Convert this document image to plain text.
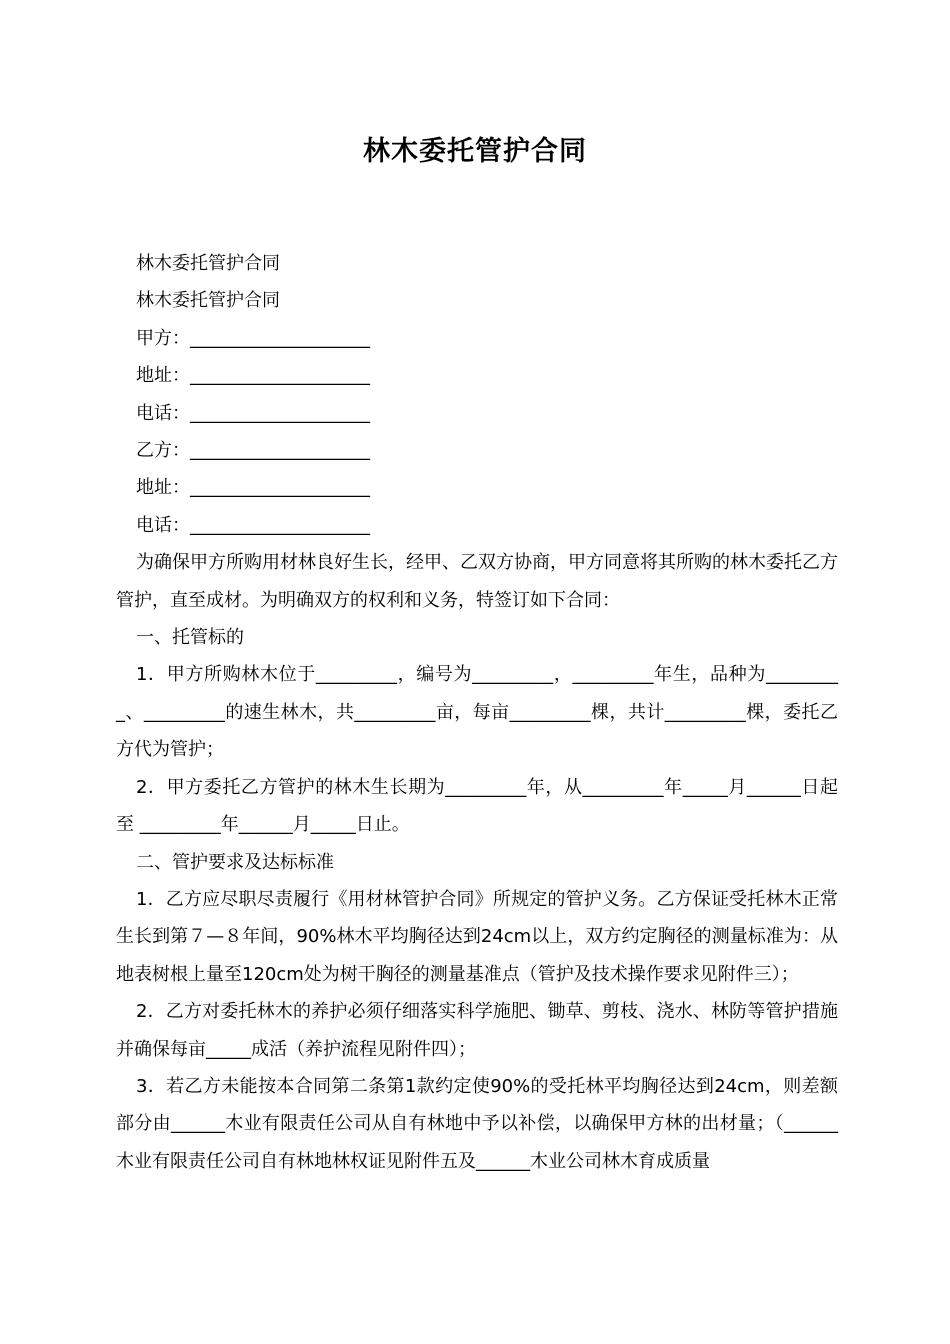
林木委托管护合同

林木委托管护合同

林木委托管护合同

甲方：____________________

地址：____________________

电话：____________________

乙方：____________________

地址：____________________

电话：____________________

为确保甲方所购用材林良好生长，经甲、乙双方协商，甲方同意将其所购的林木委托乙方管护，直至成材。为明确双方的权利和义务，特签订如下合同：

一、托管标的

1．甲方所购林木位于_________，编号为_________，_________年生，品种为_________、_________的速生林木，共_________亩，每亩_________棵，共计_________棵，委托乙方代为管护；

2．甲方委托乙方管护的林木生长期为_________年，从_________年_____月______日起至 _________年______月_____日止。

二、管护要求及达标标准

1．乙方应尽职尽责履行《用材林管护合同》所规定的管护义务。乙方保证受托林木正常生长到第７—８年间，90%林木平均胸径达到24cm以上，双方约定胸径的测量标准为：从地表树根上量至120cm处为树干胸径的测量基准点（管护及技术操作要求见附件三）；

2．乙方对委托林木的养护必须仔细落实科学施肥、锄草、剪枝、浇水、林防等管护措施并确保每亩_____成活（养护流程见附件四）；

3．若乙方未能按本合同第二条第1款约定使90%的受托林平均胸径达到24cm，则差额部分由______木业有限责任公司从自有林地中予以补偿，以确保甲方林的出材量；（______木业有限责任公司自有林地林权证见附件五及______木业公司林木育成质量
